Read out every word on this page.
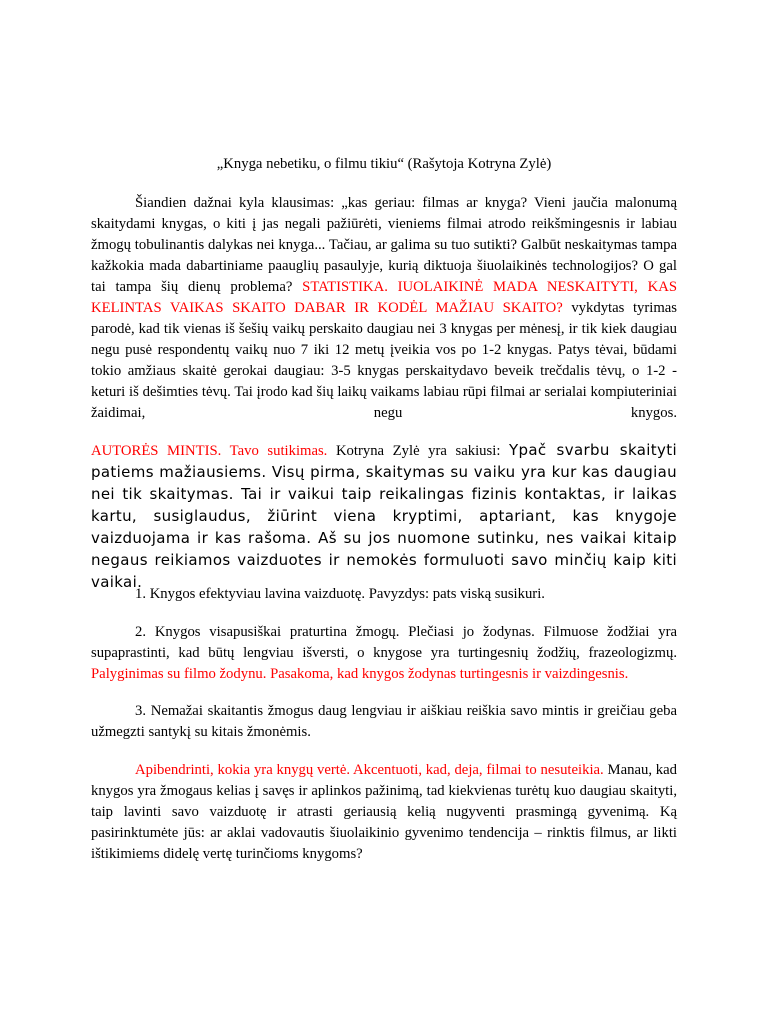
„Knyga nebetiku, o filmu tikiu“ (Rašytoja Kotryna Zylė)

Šiandien dažnai kyla klausimas: „kas geriau: filmas ar knyga? Vieni jaučia malonumą skaitydami knygas, o kiti į jas negali pažiūrėti, vieniems filmai atrodo reikšmingesnis ir labiau žmogų tobulinantis dalykas nei knyga... Tačiau, ar galima su tuo sutikti? Galbūt neskaitymas tampa kažkokia mada dabartiniame paauglių pasaulyje, kurią diktuoja šiuolaikinės technologijos? O gal tai tampa šių dienų problema? STATISTIKA. IUOLAIKINĖ MADA NESKAITYTI, KAS KELINTAS VAIKAS SKAITO DABAR IR KODĖL MAŽIAU SKAITO? vykdytas tyrimas parodė, kad tik vienas iš šešių vaikų perskaito daugiau nei 3 knygas per mėnesį, ir tik kiek daugiau negu pusė respondentų vaikų nuo 7 iki 12 metų įveikia vos po 1-2 knygas. Patys tėvai, būdami tokio amžiaus skaitė gerokai daugiau: 3-5 knygas perskaitydavo beveik trečdalis tėvų, o 1-2 - keturi iš dešimties tėvų. Tai įrodo kad šių laikų vaikams labiau rūpi filmai ar serialai kompiuteriniai žaidimai, negu knygos.

AUTORĖS MINTIS. Tavo sutikimas. Kotryna Zylė yra sakiusi: Ypač svarbu skaityti patiems mažiausiems. Visų pirma, skaitymas su vaiku yra kur kas daugiau nei tik skaitymas. Tai ir vaikui taip reikalingas fizinis kontaktas, ir laikas kartu, susiglaudus, žiūrint viena kryptimi, aptariant, kas knygoje vaizduojama ir kas rašoma. Aš su jos nuomone sutinku, nes vaikai kitaip negaus reikiamos vaizduotes ir nemokės formuluoti savo minčių kaip kiti vaikai.

1. Knygos efektyviau lavina vaizduotę. Pavyzdys: pats viską susikuri.

2. Knygos visapusiškai praturtina žmogų. Plečiasi jo žodynas. Filmuose žodžiai yra supaprastinti, kad būtų lengviau išversti, o knygose yra turtingesnių žodžių, frazeologizmų. Palyginimas su filmo žodynu. Pasakoma, kad knygos žodynas turtingesnis ir vaizdingesnis.

3. Nemažai skaitantis žmogus daug lengviau ir aiškiau reiškia savo mintis ir greičiau geba užmegzti santykį su kitais žmonėmis.

Apibendrinti, kokia yra knygų vertė. Akcentuoti, kad, deja, filmai to nesuteikia. Manau, kad knygos yra žmogaus kelias į savęs ir aplinkos pažinimą, tad kiekvienas turėtų kuo daugiau skaityti, taip lavinti savo vaizduotę ir atrasti geriausią kelią nugyventi prasmingą gyvenimą. Ką pasirinktumėte jūs: ar aklai vadovautis šiuolaikinio gyvenimo tendencija – rinktis filmus, ar likti ištikimiems didelę vertę turinčioms knygoms?
